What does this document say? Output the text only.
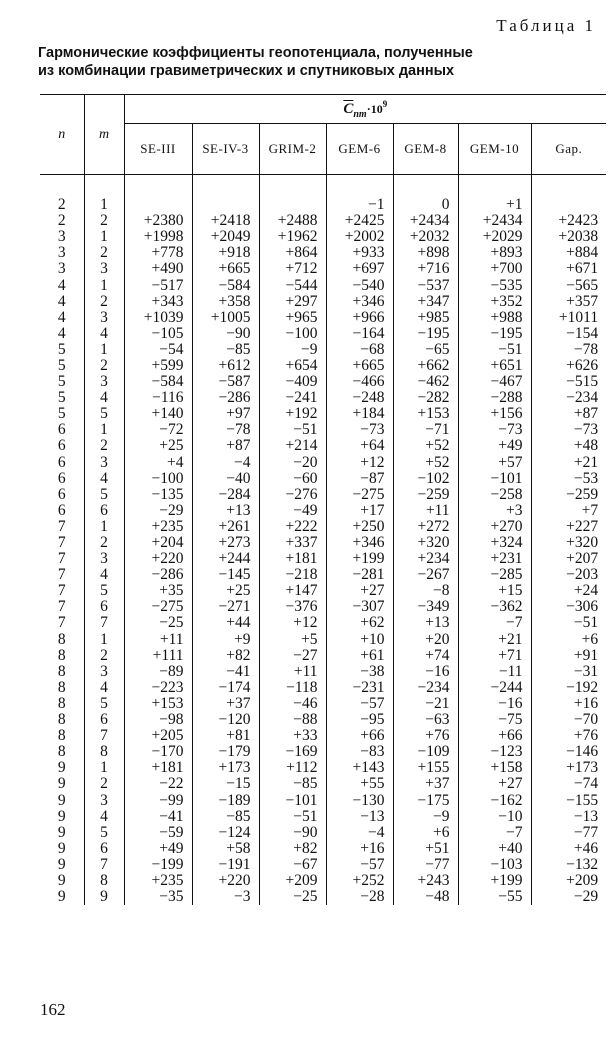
Таблица 1
Гармонические коэффициенты геопотенциала, полученные
из комбинации гравиметрических и спутниковых данных
n	m	$\overline{C}_{nm}\cdot 10^9$
		SE-III	SE-IV-3	GRIM-2	GEM-6	GEM-8	GEM-10	Gap.

2	1				−1	0	+1	
2	2	+2380	+2418	+2488	+2425	+2434	+2434	+2423
3	1	+1998	+2049	+1962	+2002	+2032	+2029	+2038
3	2	+778	+918	+864	+933	+898	+893	+884
3	3	+490	+665	+712	+697	+716	+700	+671
4	1	−517	−584	−544	−540	−537	−535	−565
4	2	+343	+358	+297	+346	+347	+352	+357
4	3	+1039	+1005	+965	+966	+985	+988	+1011
4	4	−105	−90	−100	−164	−195	−195	−154
5	1	−54	−85	−9	−68	−65	−51	−78
5	2	+599	+612	+654	+665	+662	+651	+626
5	3	−584	−587	−409	−466	−462	−467	−515
5	4	−116	−286	−241	−248	−282	−288	−234
5	5	+140	+97	+192	+184	+153	+156	+87
6	1	−72	−78	−51	−73	−71	−73	−73
6	2	+25	+87	+214	+64	+52	+49	+48
6	3	+4	−4	−20	+12	+52	+57	+21
6	4	−100	−40	−60	−87	−102	−101	−53
6	5	−135	−284	−276	−275	−259	−258	−259
6	6	−29	+13	−49	+17	+11	+3	+7
7	1	+235	+261	+222	+250	+272	+270	+227
7	2	+204	+273	+337	+346	+320	+324	+320
7	3	+220	+244	+181	+199	+234	+231	+207
7	4	−286	−145	−218	−281	−267	−285	−203
7	5	+35	+25	+147	+27	−8	+15	+24
7	6	−275	−271	−376	−307	−349	−362	−306
7	7	−25	+44	+12	+62	+13	−7	−51
8	1	+11	+9	+5	+10	+20	+21	+6
8	2	+111	+82	−27	+61	+74	+71	+91
8	3	−89	−41	+11	−38	−16	−11	−31
8	4	−223	−174	−118	−231	−234	−244	−192
8	5	+153	+37	−46	−57	−21	−16	+16
8	6	−98	−120	−88	−95	−63	−75	−70
8	7	+205	+81	+33	+66	+76	+66	+76
8	8	−170	−179	−169	−83	−109	−123	−146
9	1	+181	+173	+112	+143	+155	+158	+173
9	2	−22	−15	−85	+55	+37	+27	−74
9	3	−99	−189	−101	−130	−175	−162	−155
9	4	−41	−85	−51	−13	−9	−10	−13
9	5	−59	−124	−90	−4	+6	−7	−77
9	6	+49	+58	+82	+16	+51	+40	+46
9	7	−199	−191	−67	−57	−77	−103	−132
9	8	+235	+220	+209	+252	+243	+199	+209
9	9	−35	−3	−25	−28	−48	−55	−29
162
